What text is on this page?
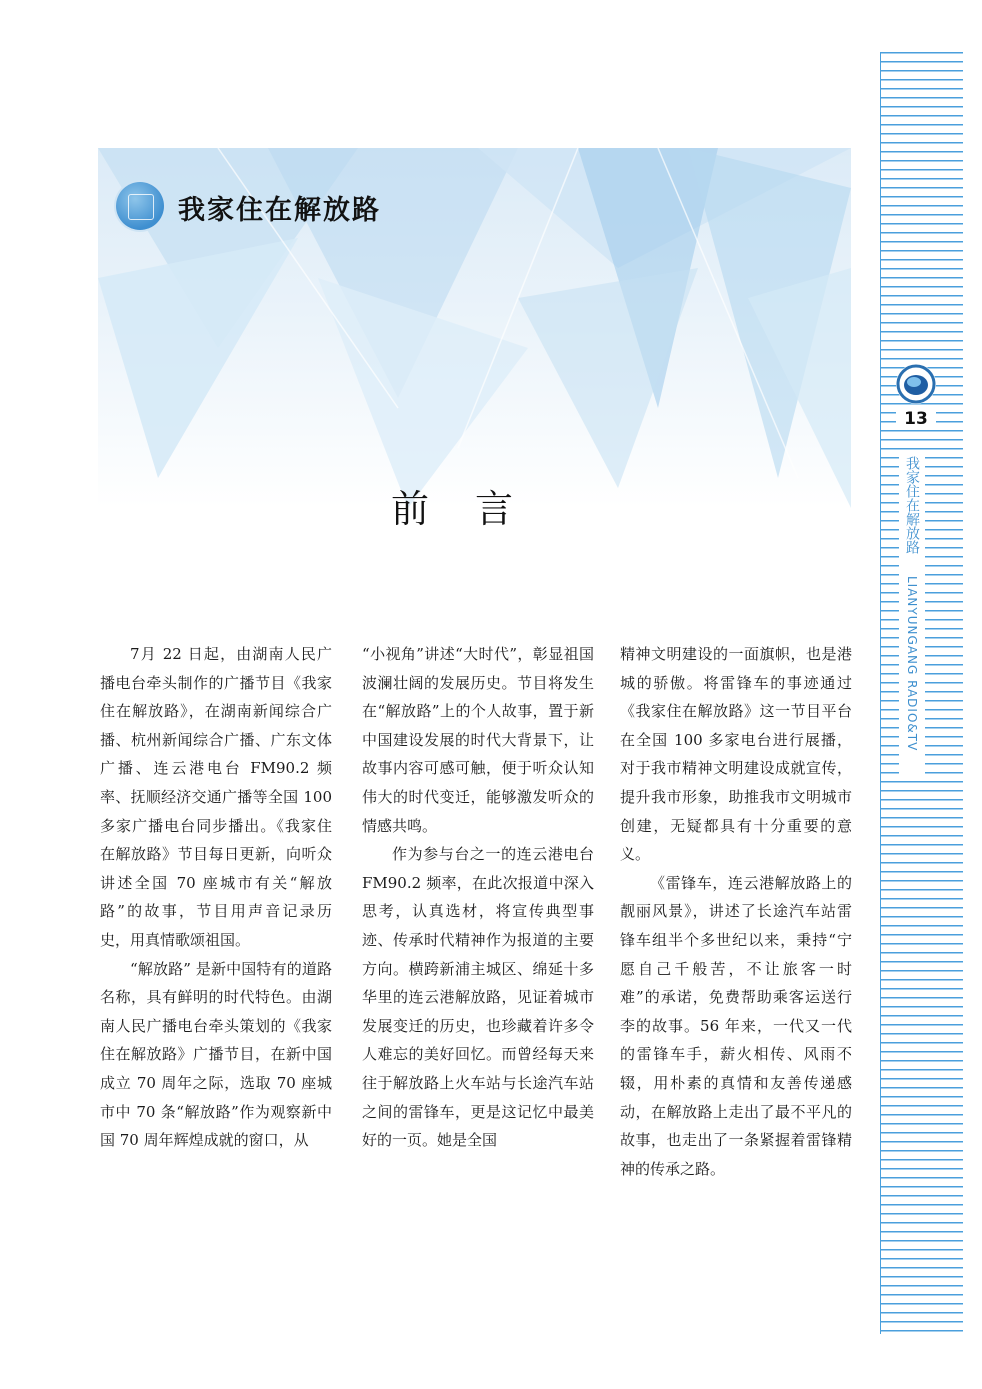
我家住在解放路
前言

7月 22 日起，由湖南人民广播电台牵头制作的广播节目《我家住在解放路》，在湖南新闻综合广播、杭州新闻综合广播、广东文体广播、连云港电台 FM90.2 频率、抚顺经济交通广播等全国 100 多家广播电台同步播出。《我家住在解放路》节目每日更新，向听众讲述全国 70 座城市有关“解放路”的故事，节目用声音记录历史，用真情歌颂祖国。

“解放路” 是新中国特有的道路名称，具有鲜明的时代特色。由湖南人民广播电台牵头策划的《我家住在解放路》广播节目，在新中国成立 70 周年之际，选取 70 座城市中 70 条“解放路”作为观察新中国 70 周年辉煌成就的窗口，从

“小视角”讲述“大时代”，彰显祖国波澜壮阔的发展历史。节目将发生在“解放路”上的个人故事，置于新中国建设发展的时代大背景下，让故事内容可感可触，便于听众认知伟大的时代变迁，能够激发听众的情感共鸣。

作为参与台之一的连云港电台 FM90.2 频率，在此次报道中深入思考，认真选材，将宣传典型事迹、传承时代精神作为报道的主要方向。横跨新浦主城区、绵延十多华里的连云港解放路，见证着城市发展变迁的历史，也珍藏着许多令人难忘的美好回忆。而曾经每天来往于解放路上火车站与长途汽车站之间的雷锋车，更是这记忆中最美好的一页。她是全国

精神文明建设的一面旗帜，也是港城的骄傲。将雷锋车的事迹通过《我家住在解放路》这一节目平台在全国 100 多家电台进行展播，对于我市精神文明建设成就宣传，提升我市形象，助推我市文明城市创建，无疑都具有十分重要的意义。

《雷锋车，连云港解放路上的靓丽风景》，讲述了长途汽车站雷锋车组半个多世纪以来，秉持“宁愿自己千般苦，不让旅客一时难”的承诺，免费帮助乘客运送行李的故事。56 年来，一代又一代的雷锋车手，薪火相传、风雨不辍，用朴素的真情和友善传递感动，在解放路上走出了最不平凡的故事，也走出了一条紧握着雷锋精神的传承之路。

13
我家住在解放路 LIANYUNGANG RADIO&TV
